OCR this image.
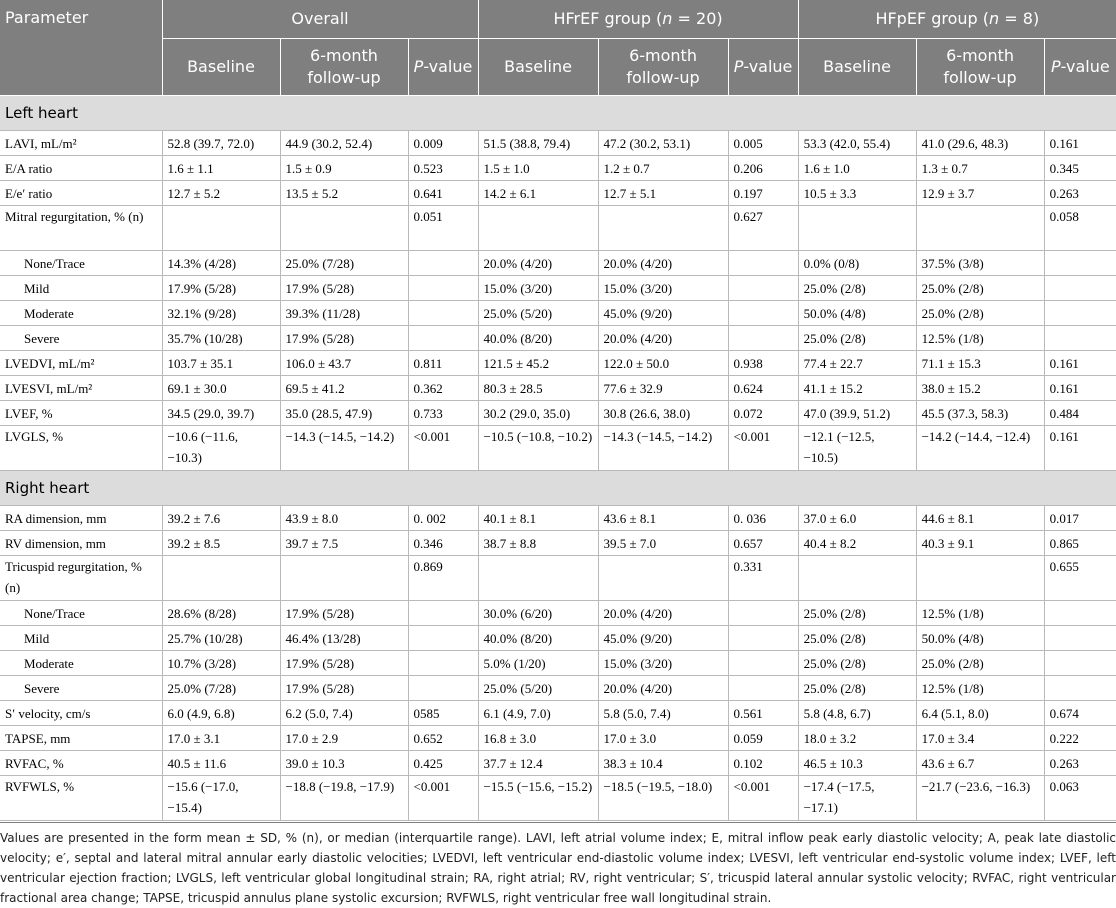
Parameter	Overall			HFrEF group (n = 20)			HFpEF group (n = 8)		
	Baseline	6-month follow-up	P-value	Baseline	6-month follow-up	P-value	Baseline	6-month follow-up	P-value
Left heart									
LAVI, mL/m²	52.8 (39.7, 72.0)	44.9 (30.2, 52.4)	0.009	51.5 (38.8, 79.4)	47.2 (30.2, 53.1)	0.005	53.3 (42.0, 55.4)	41.0 (29.6, 48.3)	0.161
E/A ratio	1.6 ± 1.1	1.5 ± 0.9	0.523	1.5 ± 1.0	1.2 ± 0.7	0.206	1.6 ± 1.0	1.3 ± 0.7	0.345
E/e′ ratio	12.7 ± 5.2	13.5 ± 5.2	0.641	14.2 ± 6.1	12.7 ± 5.1	0.197	10.5 ± 3.3	12.9 ± 3.7	0.263
Mitral regurgitation, % (n)			0.051			0.627			0.058
None/Trace	14.3% (4/28)	25.0% (7/28)		20.0% (4/20)	20.0% (4/20)		0.0% (0/8)	37.5% (3/8)	
Mild	17.9% (5/28)	17.9% (5/28)		15.0% (3/20)	15.0% (3/20)		25.0% (2/8)	25.0% (2/8)	
Moderate	32.1% (9/28)	39.3% (11/28)		25.0% (5/20)	45.0% (9/20)		50.0% (4/8)	25.0% (2/8)	
Severe	35.7% (10/28)	17.9% (5/28)		40.0% (8/20)	20.0% (4/20)		25.0% (2/8)	12.5% (1/8)	
LVEDVI, mL/m²	103.7 ± 35.1	106.0 ± 43.7	0.811	121.5 ± 45.2	122.0 ± 50.0	0.938	77.4 ± 22.7	71.1 ± 15.3	0.161
LVESVI, mL/m²	69.1 ± 30.0	69.5 ± 41.2	0.362	80.3 ± 28.5	77.6 ± 32.9	0.624	41.1 ± 15.2	38.0 ± 15.2	0.161
LVEF, %	34.5 (29.0, 39.7)	35.0 (28.5, 47.9)	0.733	30.2 (29.0, 35.0)	30.8 (26.6, 38.0)	0.072	47.0 (39.9, 51.2)	45.5 (37.3, 58.3)	0.484
LVGLS, %	−10.6 (−11.6, −10.3)	−14.3 (−14.5, −14.2)	<0.001	−10.5 (−10.8, −10.2)	−14.3 (−14.5, −14.2)	<0.001	−12.1 (−12.5, −10.5)	−14.2 (−14.4, −12.4)	0.161
Right heart									
RA dimension, mm	39.2 ± 7.6	43.9 ± 8.0	0. 002	40.1 ± 8.1	43.6 ± 8.1	0. 036	37.0 ± 6.0	44.6 ± 8.1	0.017
RV dimension, mm	39.2 ± 8.5	39.7 ± 7.5	0.346	38.7 ± 8.8	39.5 ± 7.0	0.657	40.4 ± 8.2	40.3 ± 9.1	0.865
Tricuspid regurgitation, % (n)			0.869			0.331			0.655
None/Trace	28.6% (8/28)	17.9% (5/28)		30.0% (6/20)	20.0% (4/20)		25.0% (2/8)	12.5% (1/8)	
Mild	25.7% (10/28)	46.4% (13/28)		40.0% (8/20)	45.0% (9/20)		25.0% (2/8)	50.0% (4/8)	
Moderate	10.7% (3/28)	17.9% (5/28)		5.0% (1/20)	15.0% (3/20)		25.0% (2/8)	25.0% (2/8)	
Severe	25.0% (7/28)	17.9% (5/28)		25.0% (5/20)	20.0% (4/20)		25.0% (2/8)	12.5% (1/8)	
S′ velocity, cm/s	6.0 (4.9, 6.8)	6.2 (5.0, 7.4)	0585	6.1 (4.9, 7.0)	5.8 (5.0, 7.4)	0.561	5.8 (4.8, 6.7)	6.4 (5.1, 8.0)	0.674
TAPSE, mm	17.0 ± 3.1	17.0 ± 2.9	0.652	16.8 ± 3.0	17.0 ± 3.0	0.059	18.0 ± 3.2	17.0 ± 3.4	0.222
RVFAC, %	40.5 ± 11.6	39.0 ± 10.3	0.425	37.7 ± 12.4	38.3 ± 10.4	0.102	46.5 ± 10.3	43.6 ± 6.7	0.263
RVFWLS, %	−15.6 (−17.0, −15.4)	−18.8 (−19.8, −17.9)	<0.001	−15.5 (−15.6, −15.2)	−18.5 (−19.5, −18.0)	<0.001	−17.4 (−17.5, −17.1)	−21.7 (−23.6, −16.3)	0.063
Values are presented in the form mean ± SD, % (n), or median (interquartile range). LAVI, left atrial volume index; E, mitral inflow peak early diastolic velocity; A, peak late diastolic velocity; e′, septal and lateral mitral annular early diastolic velocities; LVEDVI, left ventricular end-diastolic volume index; LVESVI, left ventricular end-systolic volume index; LVEF, left ventricular ejection fraction; LVGLS, left ventricular global longitudinal strain; RA, right atrial; RV, right ventricular; S′, tricuspid lateral annular systolic velocity; RVFAC, right ventricular fractional area change; TAPSE, tricuspid annulus plane systolic excursion; RVFWLS, right ventricular free wall longitudinal strain.
